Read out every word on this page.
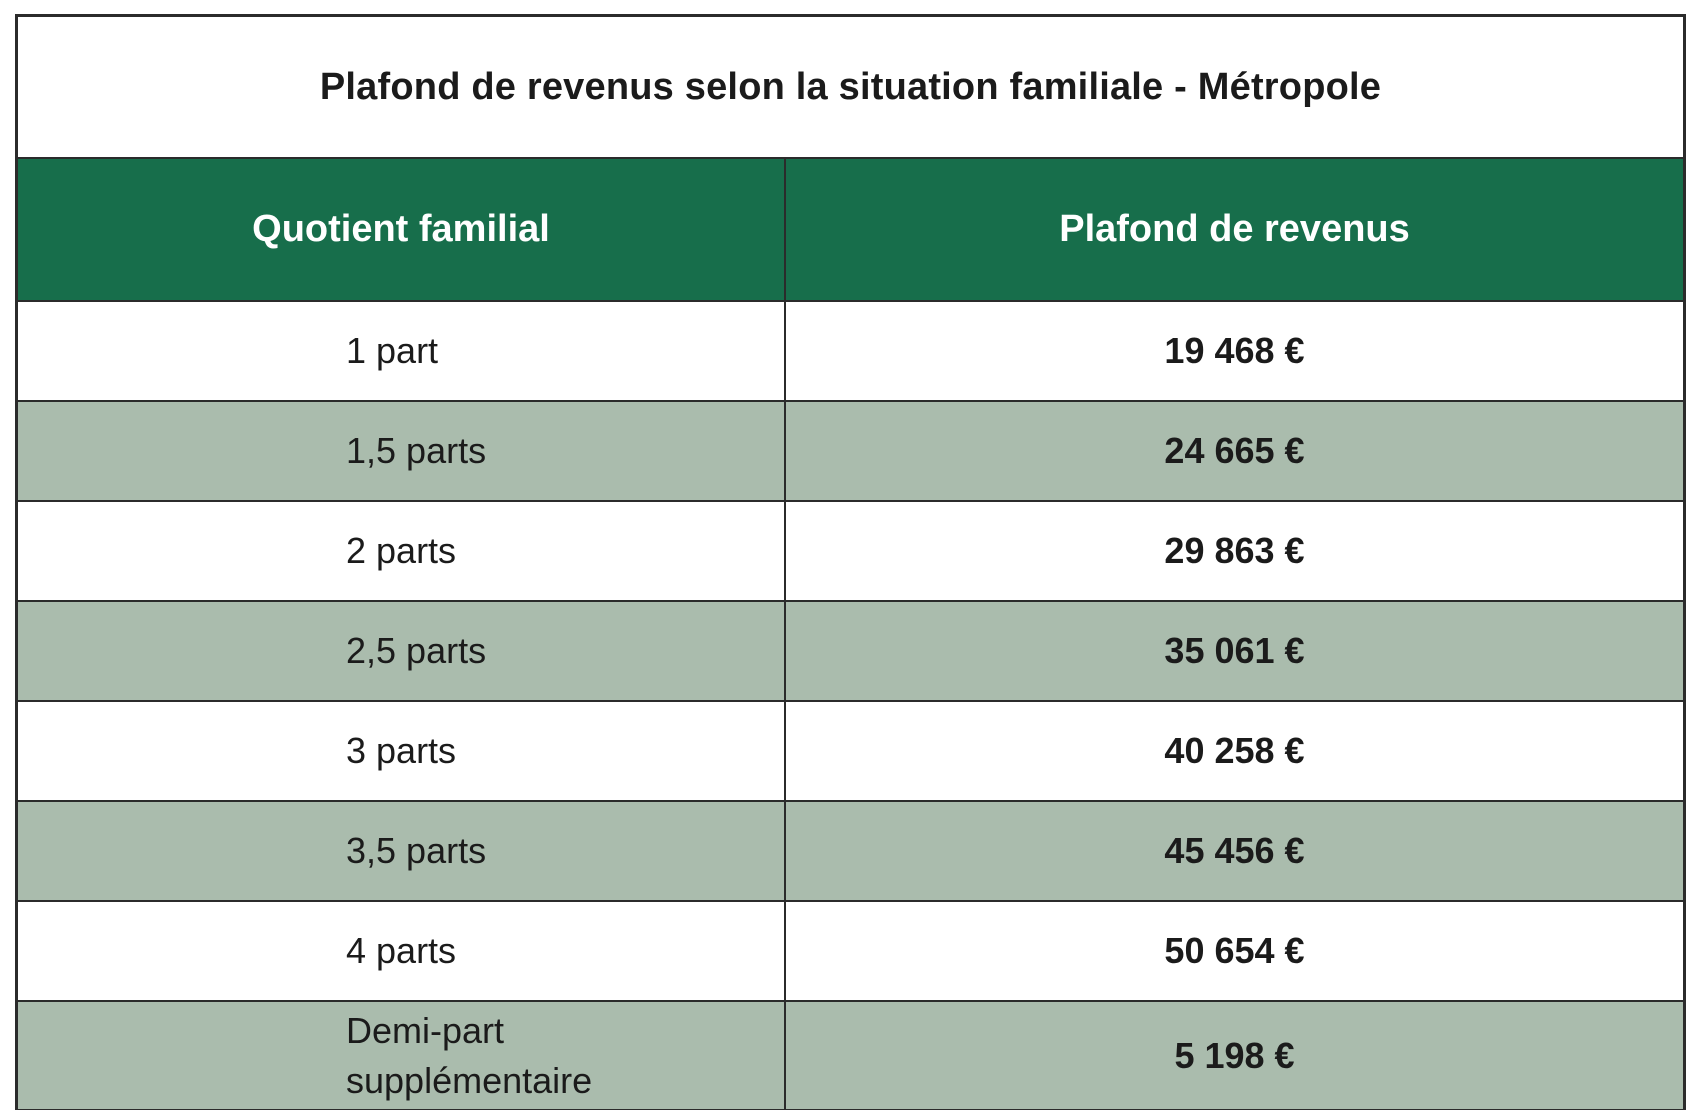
Plafond de revenus selon la situation familiale - Métropole
Quotient familial	Plafond de revenus
1 part	19 468 €
1,5 parts	24 665 €
2 parts	29 863 €
2,5 parts	35 061 €
3 parts	40 258 €
3,5 parts	45 456 €
4 parts	50 654 €
Demi-part supplémentaire	5 198 €
